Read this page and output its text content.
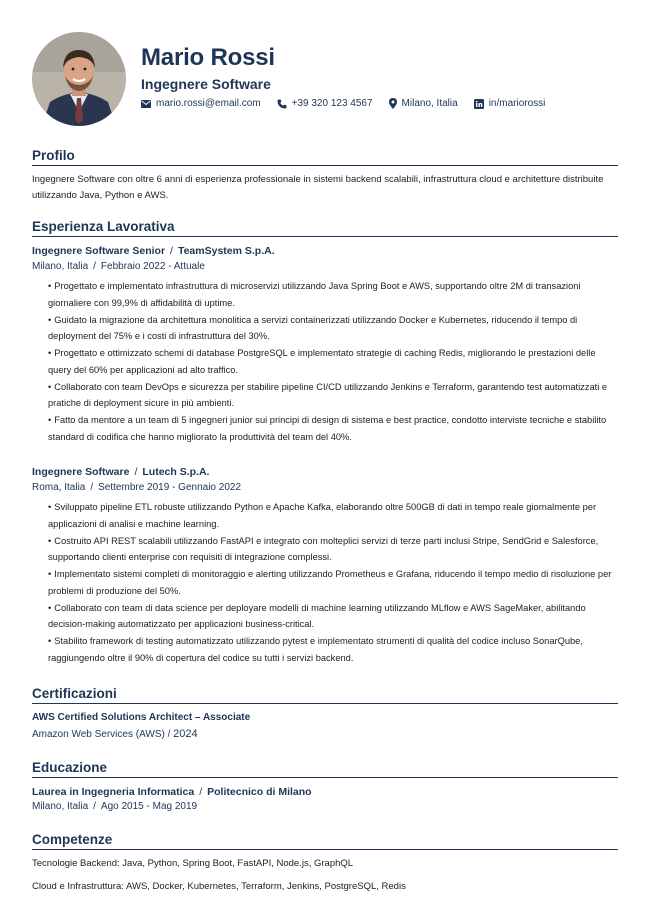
Mario Rossi
Ingegnere Software
mario.rossi@email.com	+39 320 123 4567	Milano, Italia	in/mariorossi
Profilo
Ingegnere Software con oltre 6 anni di esperienza professionale in sistemi backend scalabili, infrastruttura cloud e architetture distribuite utilizzando Java, Python e AWS.
Esperienza Lavorativa
Ingegnere Software Senior / TeamSystem S.p.A.
Milano, Italia / Febbraio 2022 - Attuale
• Progettato e implementato infrastruttura di microservizi utilizzando Java Spring Boot e AWS, supportando oltre 2M di transazioni giornaliere con 99,9% di affidabilità di uptime.
• Guidato la migrazione da architettura monolitica a servizi containerizzati utilizzando Docker e Kubernetes, riducendo il tempo di deployment del 75% e i costi di infrastruttura del 30%.
• Progettato e ottimizzato schemi di database PostgreSQL e implementato strategie di caching Redis, migliorando le prestazioni delle query del 60% per applicazioni ad alto traffico.
• Collaborato con team DevOps e sicurezza per stabilire pipeline CI/CD utilizzando Jenkins e Terraform, garantendo test automatizzati e pratiche di deployment sicure in più ambienti.
• Fatto da mentore a un team di 5 ingegneri junior sui principi di design di sistema e best practice, condotto interviste tecniche e stabilito standard di codifica che hanno migliorato la produttività del team del 40%.
Ingegnere Software / Lutech S.p.A.
Roma, Italia / Settembre 2019 - Gennaio 2022
• Sviluppato pipeline ETL robuste utilizzando Python e Apache Kafka, elaborando oltre 500GB di dati in tempo reale giornalmente per applicazioni di analisi e machine learning.
• Costruito API REST scalabili utilizzando FastAPI e integrato con molteplici servizi di terze parti inclusi Stripe, SendGrid e Salesforce, supportando clienti enterprise con requisiti di integrazione complessi.
• Implementato sistemi completi di monitoraggio e alerting utilizzando Prometheus e Grafana, riducendo il tempo medio di risoluzione per problemi di produzione del 50%.
• Collaborato con team di data science per deployare modelli di machine learning utilizzando MLflow e AWS SageMaker, abilitando decision-making automatizzato per applicazioni business-critical.
• Stabilito framework di testing automatizzato utilizzando pytest e implementato strumenti di qualità del codice incluso SonarQube, raggiungendo oltre il 90% di copertura del codice su tutti i servizi backend.
Certificazioni
AWS Certified Solutions Architect – Associate
Amazon Web Services (AWS) / 2024
Educazione
Laurea in Ingegneria Informatica / Politecnico di Milano
Milano, Italia / Ago 2015 - Mag 2019
Competenze
Tecnologie Backend: Java, Python, Spring Boot, FastAPI, Node.js, GraphQL
Cloud e Infrastruttura: AWS, Docker, Kubernetes, Terraform, Jenkins, PostgreSQL, Redis
